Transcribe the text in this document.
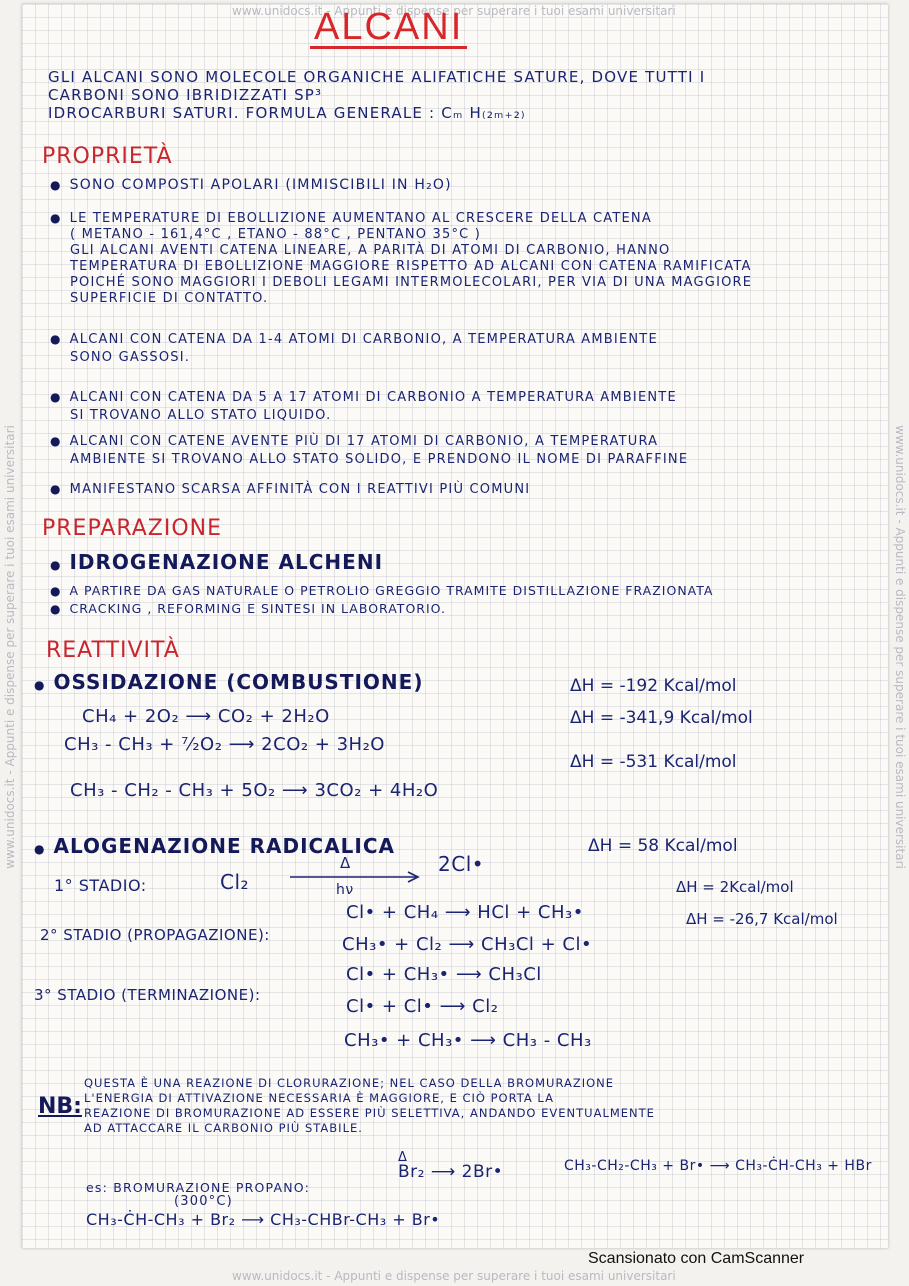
www.unidocs.it - Appunti e dispense per superare i tuoi esami universitari
www.unidocs.it - Appunti e dispense per superare i tuoi esami universitari
www.unidocs.it - Appunti e dispense per superare i tuoi esami universitari	www.unidocs.it - Appunti e dispense per superare i tuoi esami universitari
ALCANI
GLI ALCANI SONO MOLECOLE ORGANICHE ALIFATICHE SATURE, DOVE TUTTI I
CARBONI SONO IBRIDIZZATI SP³
IDROCARBURI SATURI. FORMULA GENERALE : Cₘ H₍₂ₘ₊₂₎
PROPRIETÀ
● SONO COMPOSTI APOLARI (IMMISCIBILI IN H₂O)
● LE TEMPERATURE DI EBOLLIZIONE AUMENTANO AL CRESCERE DELLA CATENA
( METANO - 161,4°C , ETANO - 88°C , PENTANO 35°C )
GLI ALCANI AVENTI CATENA LINEARE, A PARITÀ DI ATOMI DI CARBONIO, HANNO
TEMPERATURA DI EBOLLIZIONE MAGGIORE RISPETTO AD ALCANI CON CATENA RAMIFICATA
POICHÉ SONO MAGGIORI I DEBOLI LEGAMI INTERMOLECOLARI, PER VIA DI UNA MAGGIORE
SUPERFICIE DI CONTATTO.
● ALCANI CON CATENA DA 1-4 ATOMI DI CARBONIO, A TEMPERATURA AMBIENTE
SONO GASSOSI.
● ALCANI CON CATENA DA 5 A 17 ATOMI DI CARBONIO A TEMPERATURA AMBIENTE
SI TROVANO ALLO STATO LIQUIDO.
● ALCANI CON CATENE AVENTE PIÙ DI 17 ATOMI DI CARBONIO, A TEMPERATURA
AMBIENTE SI TROVANO ALLO STATO SOLIDO, E PRENDONO IL NOME DI PARAFFINE
● MANIFESTANO SCARSA AFFINITÀ CON I REATTIVI PIÙ COMUNI
PREPARAZIONE
● IDROGENAZIONE ALCHENI
● A PARTIRE DA GAS NATURALE O PETROLIO GREGGIO TRAMITE DISTILLAZIONE FRAZIONATA
● CRACKING , REFORMING E SINTESI IN LABORATORIO.
REATTIVITÀ
● OSSIDAZIONE (COMBUSTIONE)
CH₄ + 2O₂ ⟶ CO₂ + 2H₂O
ΔH = -192 Kcal/mol
CH₃ - CH₃ + ⁷⁄₂O₂ ⟶ 2CO₂ + 3H₂O
ΔH = -341,9 Kcal/mol
CH₃ - CH₂ - CH₃ + 5O₂ ⟶ 3CO₂ + 4H₂O
ΔH = -531 Kcal/mol
● ALOGENAZIONE RADICALICA	ΔH = 58 Kcal/mol
1° STADIO:	Cl₂
Δ
hν
2Cl•
2° STADIO (PROPAGAZIONE):
Cl• + CH₄ ⟶ HCl + CH₃•
ΔH = 2Kcal/mol
CH₃• + Cl₂ ⟶ CH₃Cl + Cl•
ΔH = -26,7 Kcal/mol
3° STADIO (TERMINAZIONE):
Cl• + CH₃• ⟶ CH₃Cl
Cl• + Cl• ⟶ Cl₂
CH₃• + CH₃• ⟶ CH₃ - CH₃
NB:
QUESTA È UNA REAZIONE DI CLORURAZIONE; NEL CASO DELLA BROMURAZIONE
L'ENERGIA DI ATTIVAZIONE NECESSARIA È MAGGIORE, E CIÒ PORTA LA
REAZIONE DI BROMURAZIONE AD ESSERE PIÙ SELETTIVA, ANDANDO EVENTUALMENTE
AD ATTACCARE IL CARBONIO PIÙ STABILE.
es: BROMURAZIONE PROPANO:
Δ
Br₂ ⟶ 2Br•	CH₃-CH₂-CH₃ + Br• ⟶ CH₃-ĊH-CH₃ + HBr
(300°C)
CH₃-ĊH-CH₃ + Br₂ ⟶ CH₃-CHBr-CH₃ + Br•
Scansionato con CamScanner
